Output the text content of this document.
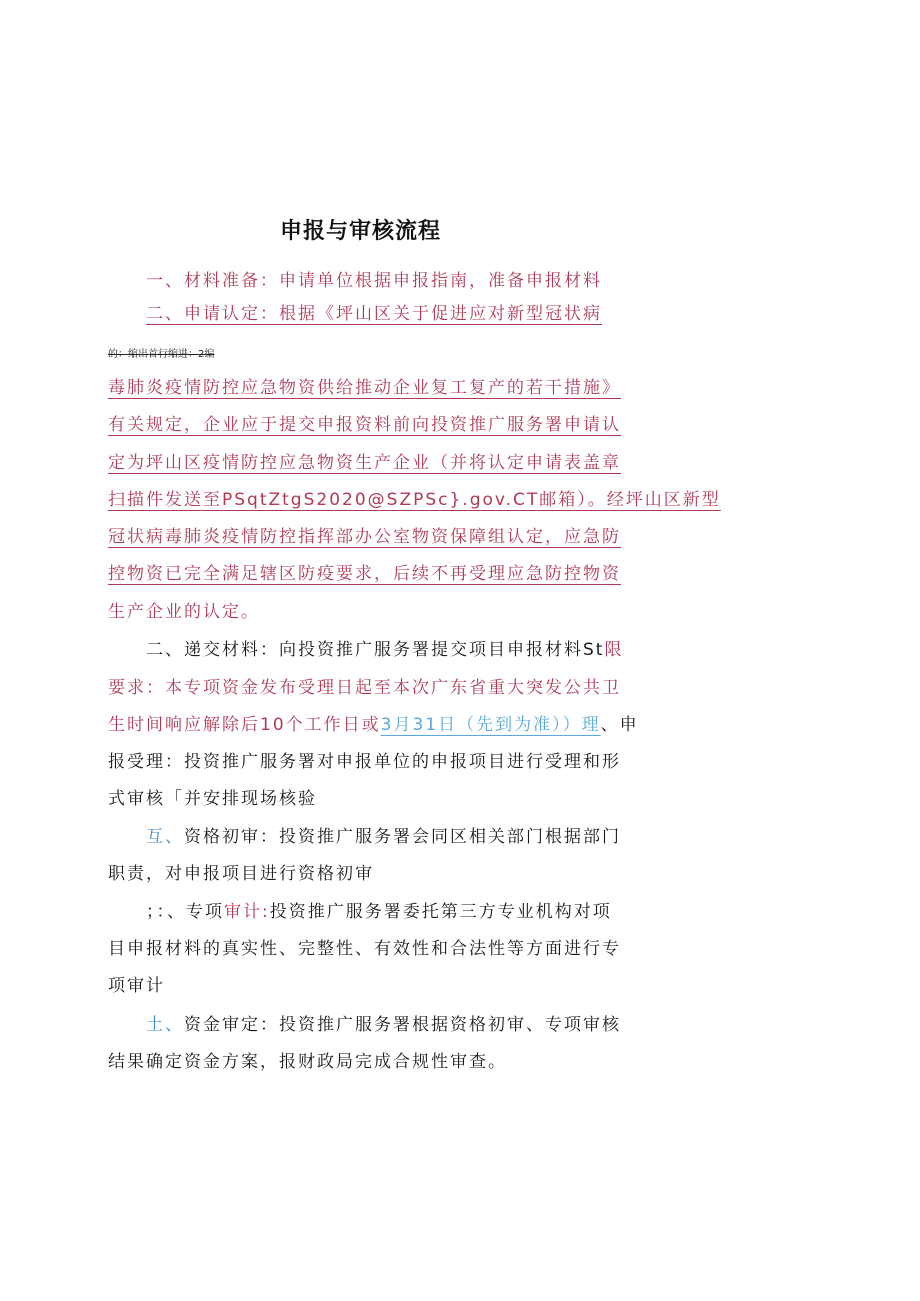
申报与审核流程
一、材料准备：申请单位根据申报指南，准备申报材料
二、申请认定：根据《坪山区关于促进应对新型冠状病
的：缩出首行缩进：2编
毒肺炎疫情防控应急物资供给推动企业复工复产的若干措施》
有关规定，企业应于提交申报资料前向投资推广服务署申请认
定为坪山区疫情防控应急物资生产企业（并将认定申请表盖章
扫描件发送至PSqtZtgS2020@SZPSc}.gov.CT邮箱）。经坪山区新型
冠状病毒肺炎疫情防控指挥部办公室物资保障组认定，应急防
控物资已完全满足辖区防疫要求，后续不再受理应急防控物资
生产企业的认定。
二、递交材料：向投资推广服务署提交项目申报材料St限
要求：本专项资金发布受理日起至本次广东省重大突发公共卫
生时间响应解除后10个工作日或3月31日（先到为准））理、申
报受理：投资推广服务署对申报单位的申报项目进行受理和形
式审核「并安排现场核验
互、资格初审：投资推广服务署会同区相关部门根据部门
职责，对申报项目进行资格初审
；：、专项审计:投资推广服务署委托第三方专业机构对项
目申报材料的真实性、完整性、有效性和合法性等方面进行专
项审计
土、资金审定：投资推广服务署根据资格初审、专项审核
结果确定资金方案，报财政局完成合规性审查。
